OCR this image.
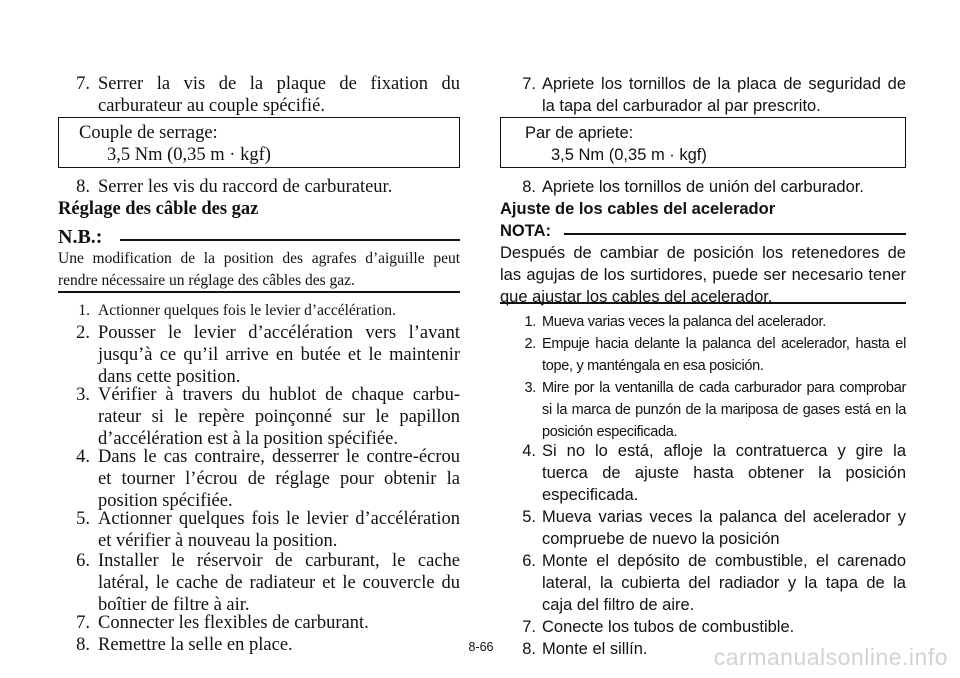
7. Serrer la vis de la plaque de fixation du carburateur au couple spécifié.
Couple de serrage:
3,5 Nm (0,35 m · kgf)
8. Serrer les vis du raccord de carburateur.
Réglage des câble des gaz
N.B.:
Une modification de la position des agrafes d’aiguille peut rendre nécessaire un réglage des câbles des gaz.
1. Actionner quelques fois le levier d’accélération.
2. Pousser le levier d’accélération vers l’avant jusqu’à ce qu’il arrive en butée et le maintenir dans cette position.
3. Vérifier à travers du hublot de chaque carburateur si le repère poinçonné sur le papillon d’accélération est à la position spécifiée.
4. Dans le cas contraire, desserrer le contre-écrou et tourner l’écrou de réglage pour obtenir la position spécifiée.
5. Actionner quelques fois le levier d’accélération et vérifier à nouveau la position.
6. Installer le réservoir de carburant, le cache latéral, le cache de radiateur et le couvercle du boîtier de filtre à air.
7. Connecter les flexibles de carburant.
8. Remettre la selle en place.
7. Apriete los tornillos de la placa de seguridad de la tapa del carburador al par prescrito.
Par de apriete:
3,5 Nm (0,35 m · kgf)
8. Apriete los tornillos de unión del carburador.
Ajuste de los cables del acelerador
NOTA:
Después de cambiar de posición los retenedores de las agujas de los surtidores, puede ser necesario tener que ajustar los cables del acelerador.
1. Mueva varias veces la palanca del acelerador.
2. Empuje hacia delante la palanca del acelerador, hasta el tope, y manténgala en esa posición.
3. Mire por la ventanilla de cada carburador para comprobar si la marca de punzón de la mariposa de gases está en la posición especificada.
4. Si no lo está, afloje la contratuerca y gire la tuerca de ajuste hasta obtener la posición especificada.
5. Mueva varias veces la palanca del acelerador y compruebe de nuevo la posición
6. Monte el depósito de combustible, el carenado lateral, la cubierta del radiador y la tapa de la caja del filtro de aire.
7. Conecte los tubos de combustible.
8. Monte el sillín.
8-66	carmanualsonline.info
